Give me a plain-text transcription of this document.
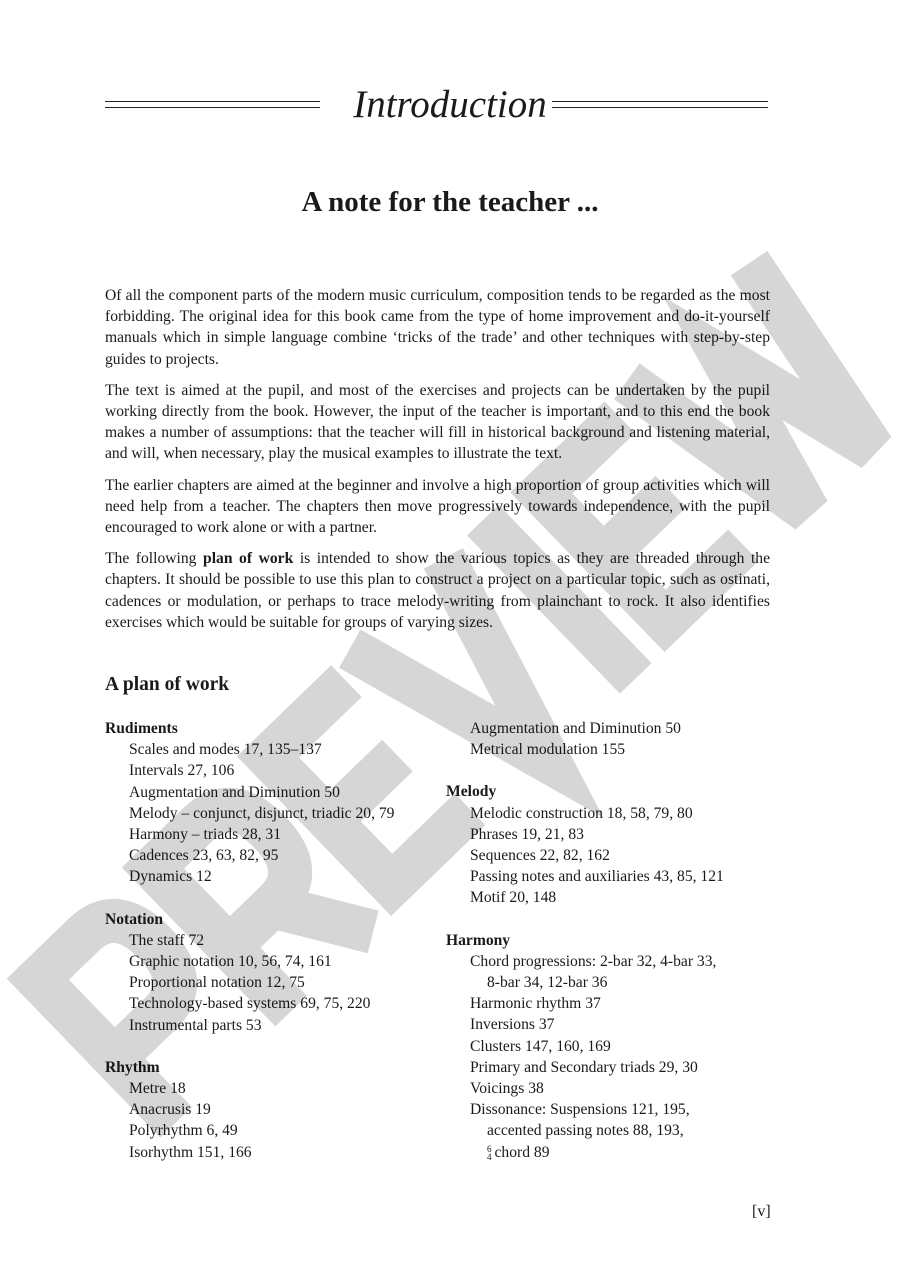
Introduction
A note for the teacher ...

Of all the component parts of the modern music curriculum, composition tends to be regarded as the most forbidding. The original idea for this book came from the type of home improvement and do-it-yourself manuals which in simple language combine ‘tricks of the trade’ and other techniques with step-by-step guides to projects.

The text is aimed at the pupil, and most of the exercises and projects can be undertaken by the pupil working directly from the book. However, the input of the teacher is important, and to this end the book makes a number of assumptions: that the teacher will fill in historical background and listening material, and will, when necessary, play the musical examples to illustrate the text.

The earlier chapters are aimed at the beginner and involve a high proportion of group activities which will need help from a teacher. The chapters then move progressively towards independence, with the pupil encouraged to work alone or with a partner.

The following plan of work is intended to show the various topics as they are threaded through the chapters. It should be possible to use this plan to construct a project on a particular topic, such as ostinati, cadences or modulation, or perhaps to trace melody-writing from plainchant to rock. It also identifies exercises which would be suitable for groups of varying sizes.

A plan of work
Rudiments
Scales and modes 17, 135–137
Intervals 27, 106
Augmentation and Diminution 50
Melody – conjunct, disjunct, triadic 20, 79
Harmony – triads 28, 31
Cadences 23, 63, 82, 95
Dynamics 12
Notation
The staff 72
Graphic notation 10, 56, 74, 161
Proportional notation 12, 75
Technology-based systems 69, 75, 220
Instrumental parts 53
Rhythm
Metre 18
Anacrusis 19
Polyrhythm 6, 49
Isorhythm 151, 166
Augmentation and Diminution 50
Metrical modulation 155
Melody
Melodic construction 18, 58, 79, 80
Phrases 19, 21, 83
Sequences 22, 82, 162
Passing notes and auxiliaries 43, 85, 121
Motif 20, 148
Harmony
Chord progressions: 2-bar 32, 4-bar 33,
8-bar 34, 12-bar 36
Harmonic rhythm 37
Inversions 37
Clusters 147, 160, 169
Primary and Secondary triads 29, 30
Voicings 38
Dissonance: Suspensions 121, 195,
accented passing notes 88, 193,
6
4 chord 89
[v]
